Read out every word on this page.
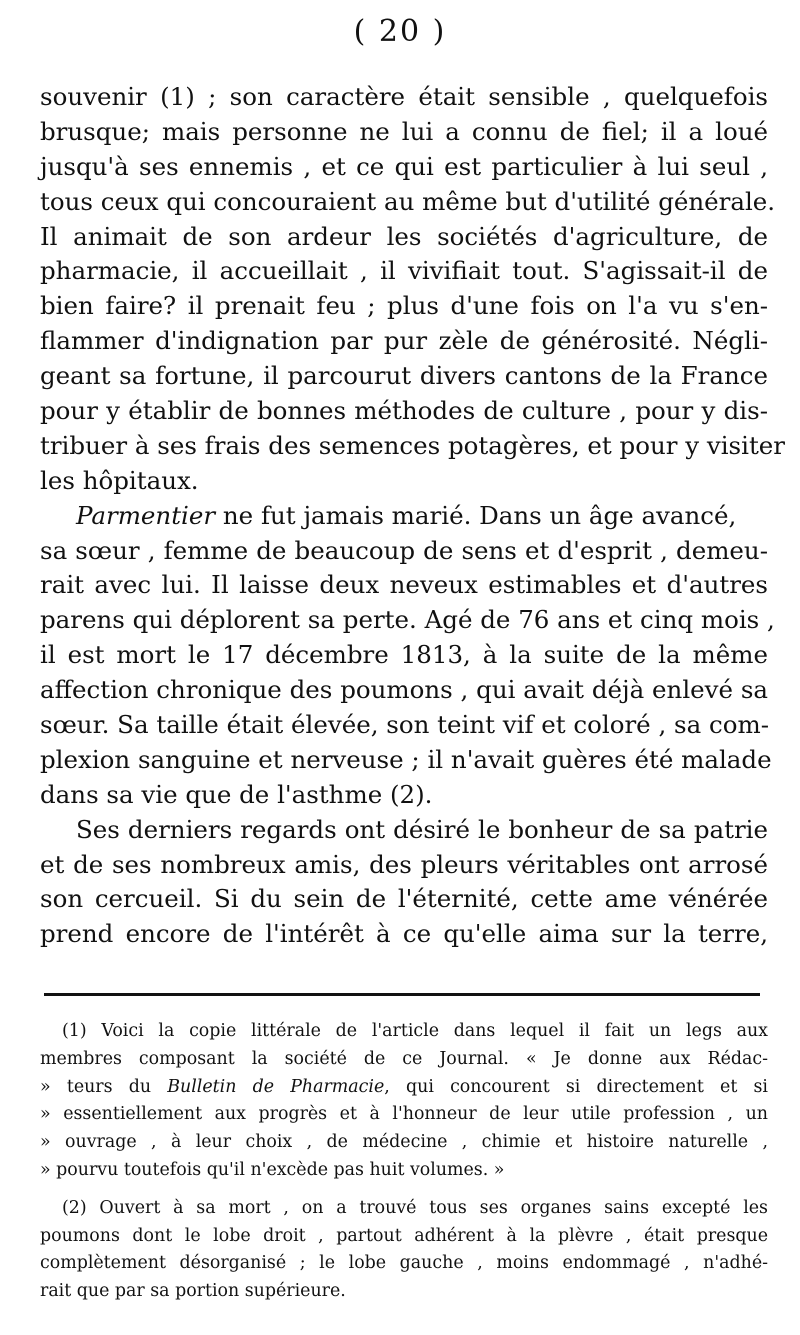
( 20 )
souvenir (1) ; son caractère était sensible , quelquefois
brusque; mais personne ne lui a connu de fiel; il a loué
jusqu'à ses ennemis , et ce qui est particulier à lui seul ,
tous ceux qui concouraient au même but d'utilité générale.
Il animait de son ardeur les sociétés d'agriculture, de
pharmacie, il accueillait , il vivifiait tout. S'agissait-il de
bien faire? il prenait feu ; plus d'une fois on l'a vu s'en-
flammer d'indignation par pur zèle de générosité. Négli-
geant sa fortune, il parcourut divers cantons de la France
pour y établir de bonnes méthodes de culture , pour y dis-
tribuer à ses frais des semences potagères, et pour y visiter
les hôpitaux.
Parmentier ne fut jamais marié. Dans un âge avancé,
sa sœur , femme de beaucoup de sens et d'esprit , demeu-
rait avec lui. Il laisse deux neveux estimables et d'autres
parens qui déplorent sa perte. Agé de 76 ans et cinq mois ,
il est mort le 17 décembre 1813, à la suite de la même
affection chronique des poumons , qui avait déjà enlevé sa
sœur. Sa taille était élevée, son teint vif et coloré , sa com-
plexion sanguine et nerveuse ; il n'avait guères été malade
dans sa vie que de l'asthme (2).
Ses derniers regards ont désiré le bonheur de sa patrie
et de ses nombreux amis, des pleurs véritables ont arrosé
son cercueil. Si du sein de l'éternité, cette ame vénérée
prend encore de l'intérêt à ce qu'elle aima sur la terre,
(1) Voici la copie littérale de l'article dans lequel il fait un legs aux
membres composant la société de ce Journal. « Je donne aux Rédac-
» teurs du Bulletin de Pharmacie, qui concourent si directement et si
» essentiellement aux progrès et à l'honneur de leur utile profession , un
» ouvrage , à leur choix , de médecine , chimie et histoire naturelle ,
» pourvu toutefois qu'il n'excède pas huit volumes. »
(2) Ouvert à sa mort , on a trouvé tous ses organes sains excepté les
poumons dont le lobe droit , partout adhérent à la plèvre , était presque
complètement désorganisé ; le lobe gauche , moins endommagé , n'adhé-
rait que par sa portion supérieure.
